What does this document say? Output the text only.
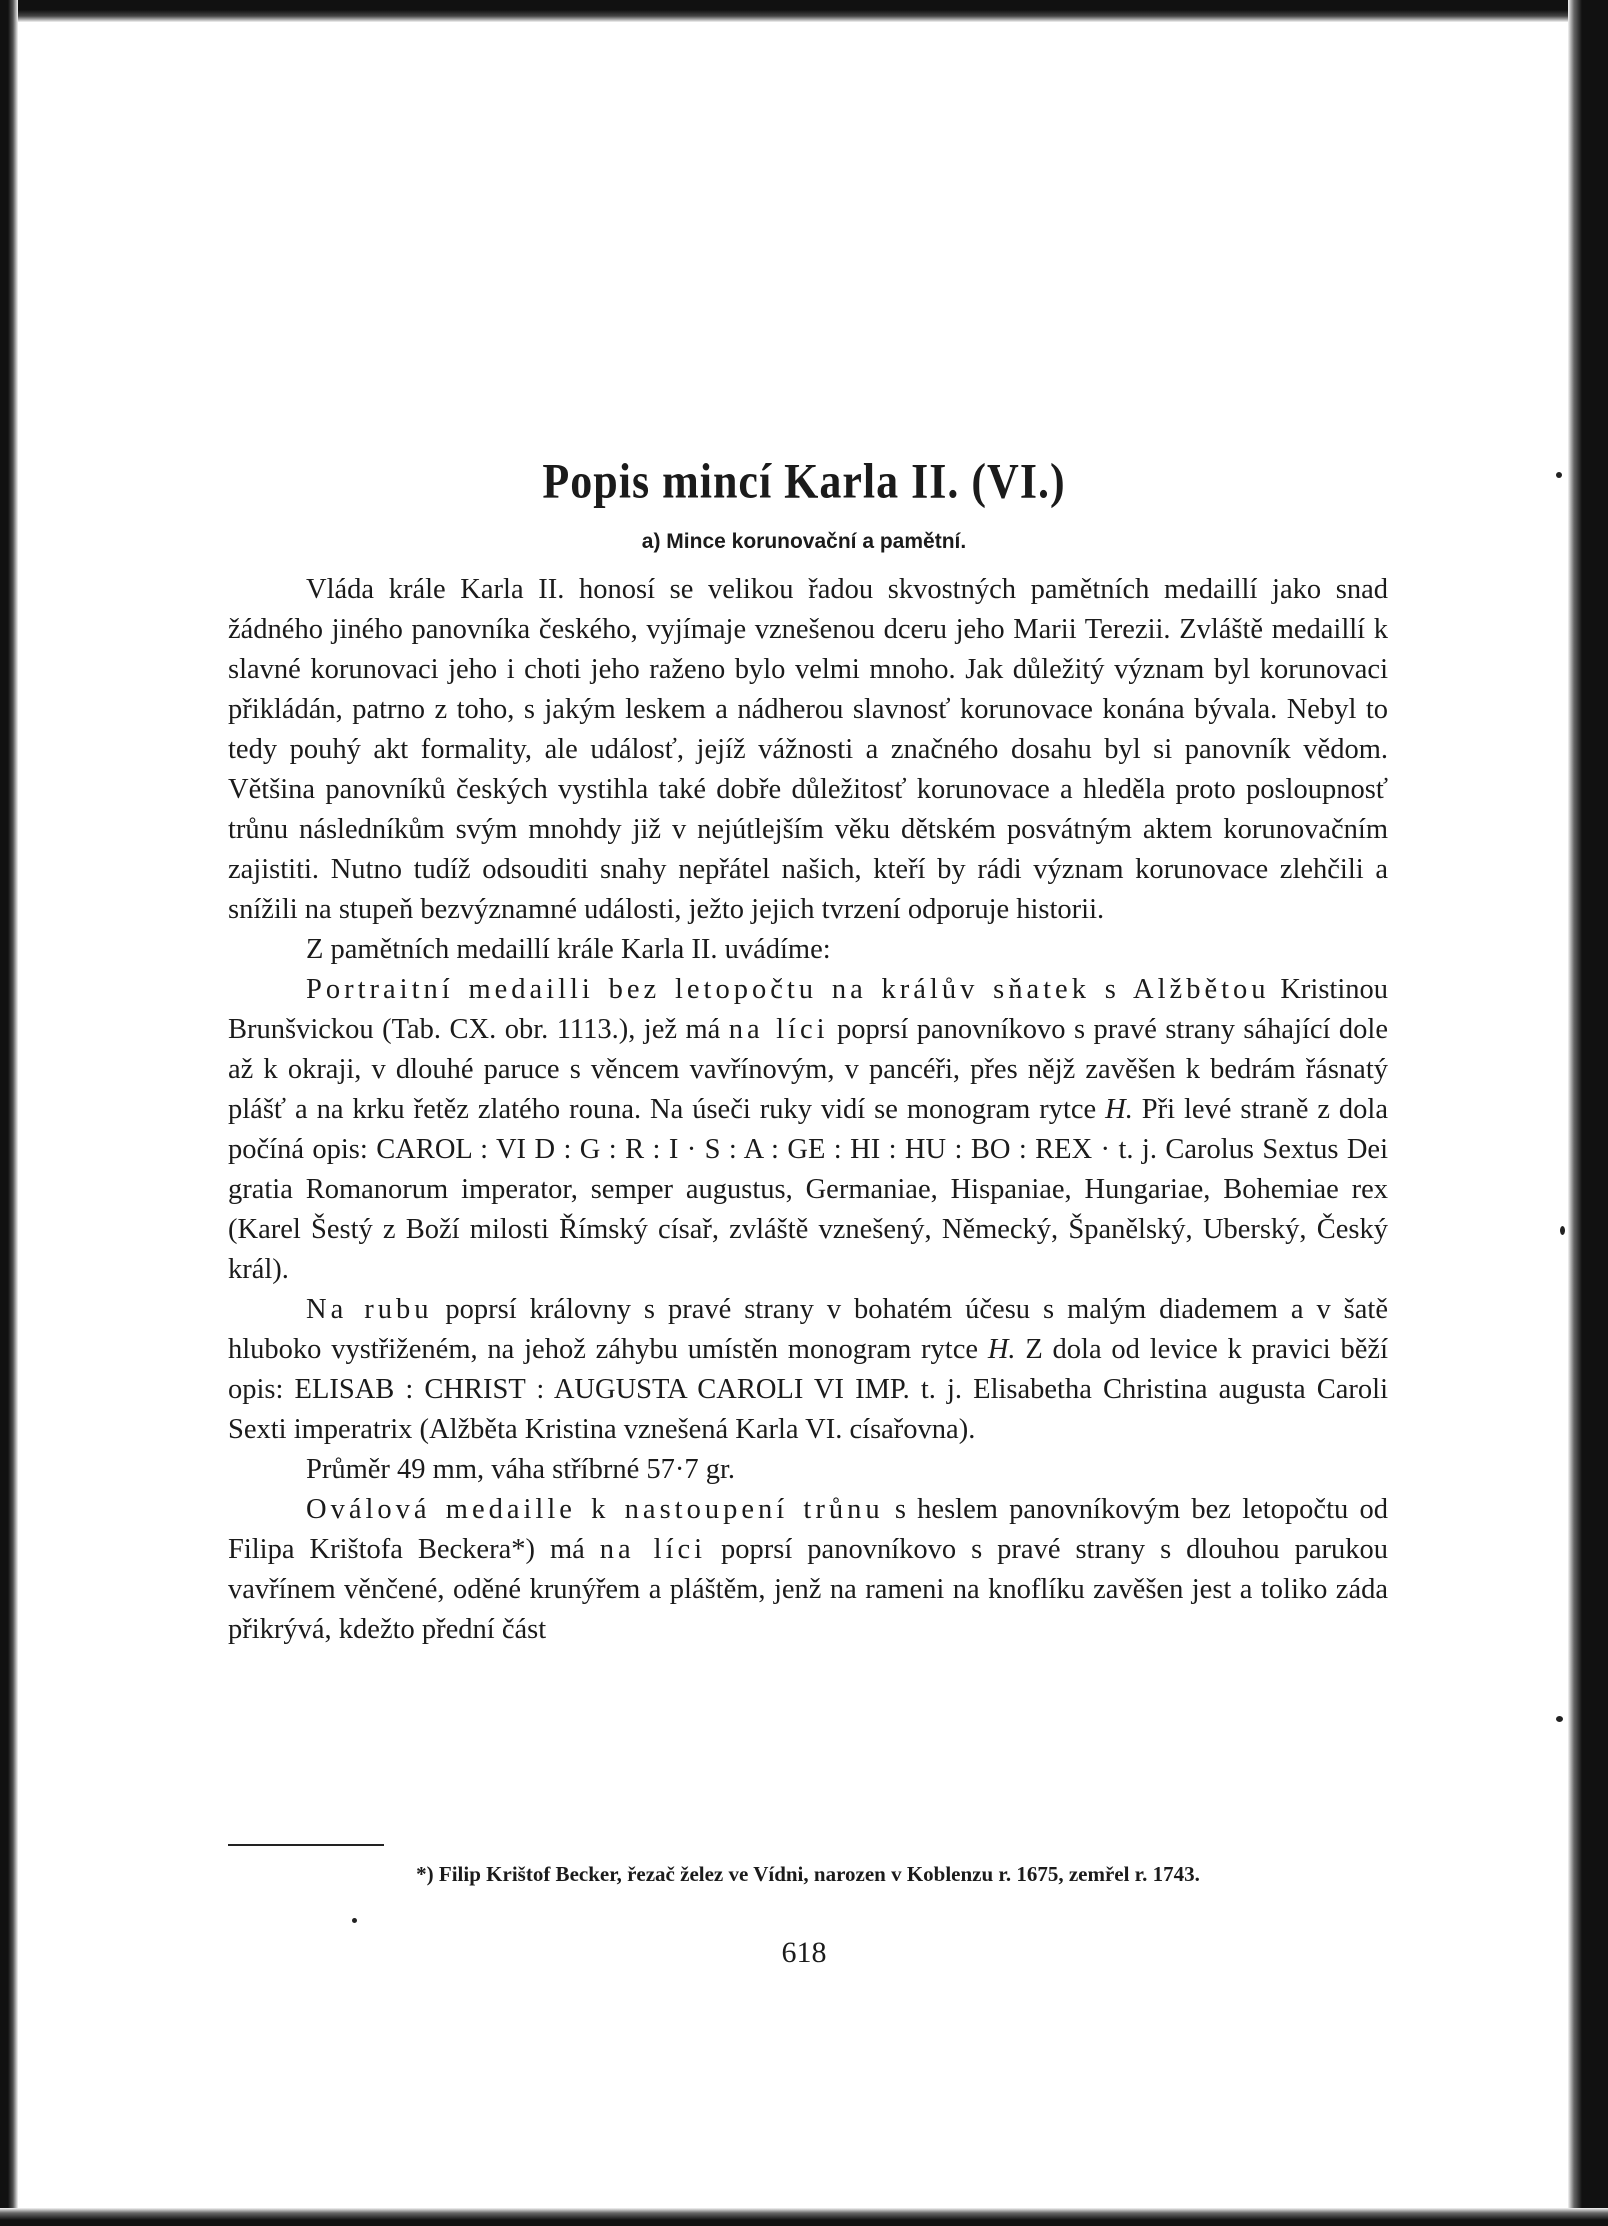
Popis mincí Karla II. (VI.)
a) Mince korunovační a pamětní.

Vláda krále Karla II. honosí se velikou řadou skvostných pamětních medaillí jako snad žádného jiného panovníka českého, vyjímaje vznešenou dceru jeho Marii Terezii. Zvláště medaillí k slavné korunovaci jeho i choti jeho raženo bylo velmi mnoho. Jak důležitý význam byl korunovaci přikládán, patrno z toho, s jakým leskem a nádherou slavnosť korunovace konána bývala. Nebyl to tedy pouhý akt formality, ale událosť, jejíž vážnosti a značného dosahu byl si panovník vědom. Většina panovníků českých vystihla také dobře důležitosť korunovace a hleděla proto posloupnosť trůnu následníkům svým mnohdy již v nejútlejším věku dětském posvátným aktem korunovačním zajistiti. Nutno tudíž odsouditi snahy nepřátel našich, kteří by rádi význam korunovace zlehčili a snížili na stupeň bezvýznamné události, ježto jejich tvrzení odporuje historii.

Z pamětních medaillí krále Karla II. uvádíme:

Portraitní medailli bez letopočtu na králův sňatek s Alžbětou Kristinou Brunšvickou (Tab. CX. obr. 1113.), jež má na líci poprsí panovníkovo s pravé strany sáhající dole až k okraji, v dlouhé paruce s věncem vavřínovým, v pancéři, přes nějž zavěšen k bedrám řásnatý plášť a na krku řetěz zlatého rouna. Na úseči ruky vidí se monogram rytce H. Při levé straně z dola počíná opis: CAROL : VI D : G : R : I · S : A : GE : HI : HU : BO : REX · t. j. Carolus Sextus Dei gratia Romanorum imperator, semper augustus, Germaniae, Hispaniae, Hungariae, Bohemiae rex (Karel Šestý z Boží milosti Římský císař, zvláště vznešený, Německý, Španělský, Uberský, Český král).

Na rubu poprsí královny s pravé strany v bohatém účesu s malým diademem a v šatě hluboko vystřiženém, na jehož záhybu umístěn monogram rytce H. Z dola od levice k pravici běží opis: ELISAB : CHRIST : AUGUSTA CAROLI VI IMP. t. j. Elisabetha Christina augusta Caroli Sexti imperatrix (Alžběta Kristina vznešená Karla VI. císařovna).

Průměr 49 mm, váha stříbrné 57·7 gr.

Oválová medaille k nastoupení trůnu s heslem panovníkovým bez letopočtu od Filipa Krištofa Beckera*) má na líci poprsí panovníkovo s pravé strany s dlouhou parukou vavřínem věnčené, oděné krunýřem a pláštěm, jenž na rameni na knoflíku zavěšen jest a toliko záda přikrývá, kdežto přední část

*) Filip Krištof Becker, řezač želez ve Vídni, narozen v Koblenzu r. 1675, zemřel r. 1743.

618
